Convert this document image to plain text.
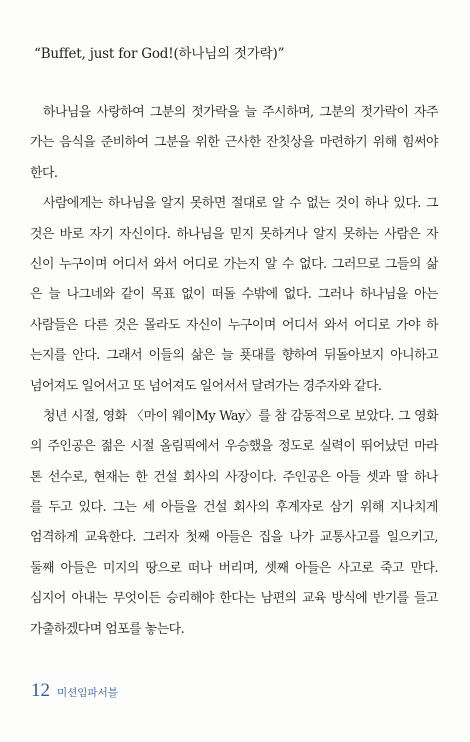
“Buffet, just for God!(하나님의 젓가락)”
하나님을 사랑하여 그분의 젓가락을 늘 주시하며, 그분의 젓가락이 자주
가는 음식을 준비하여 그분을 위한 근사한 잔칫상을 마련하기 위해 힘써야
한다.
사람에게는 하나님을 알지 못하면 절대로 알 수 없는 것이 하나 있다. 그
것은 바로 자기 자신이다. 하나님을 믿지 못하거나 알지 못하는 사람은 자
신이 누구이며 어디서 와서 어디로 가는지 알 수 없다. 그러므로 그들의 삶
은 늘 나그네와 같이 목표 없이 떠돌 수밖에 없다. 그러나 하나님을 아는
사람들은 다른 것은 몰라도 자신이 누구이며 어디서 와서 어디로 가야 하
는지를 안다. 그래서 이들의 삶은 늘 푯대를 향하여 뒤돌아보지 아니하고
넘어져도 일어서고 또 넘어져도 일어서서 달려가는 경주자와 같다.
청년 시절, 영화 〈마이 웨이My Way〉를 참 감동적으로 보았다. 그 영화
의 주인공은 젊은 시절 올림픽에서 우승했을 정도로 실력이 뛰어났던 마라
톤 선수로, 현재는 한 건설 회사의 사장이다. 주인공은 아들 셋과 딸 하나
를 두고 있다. 그는 세 아들을 건설 회사의 후계자로 삼기 위해 지나치게
엄격하게 교육한다. 그러자 첫째 아들은 집을 나가 교통사고를 일으키고,
둘째 아들은 미지의 땅으로 떠나 버리며, 셋째 아들은 사고로 죽고 만다.
심지어 아내는 무엇이든 승리해야 한다는 남편의 교육 방식에 반기를 들고
가출하겠다며 엄포를 놓는다.
12 미션임파서블
